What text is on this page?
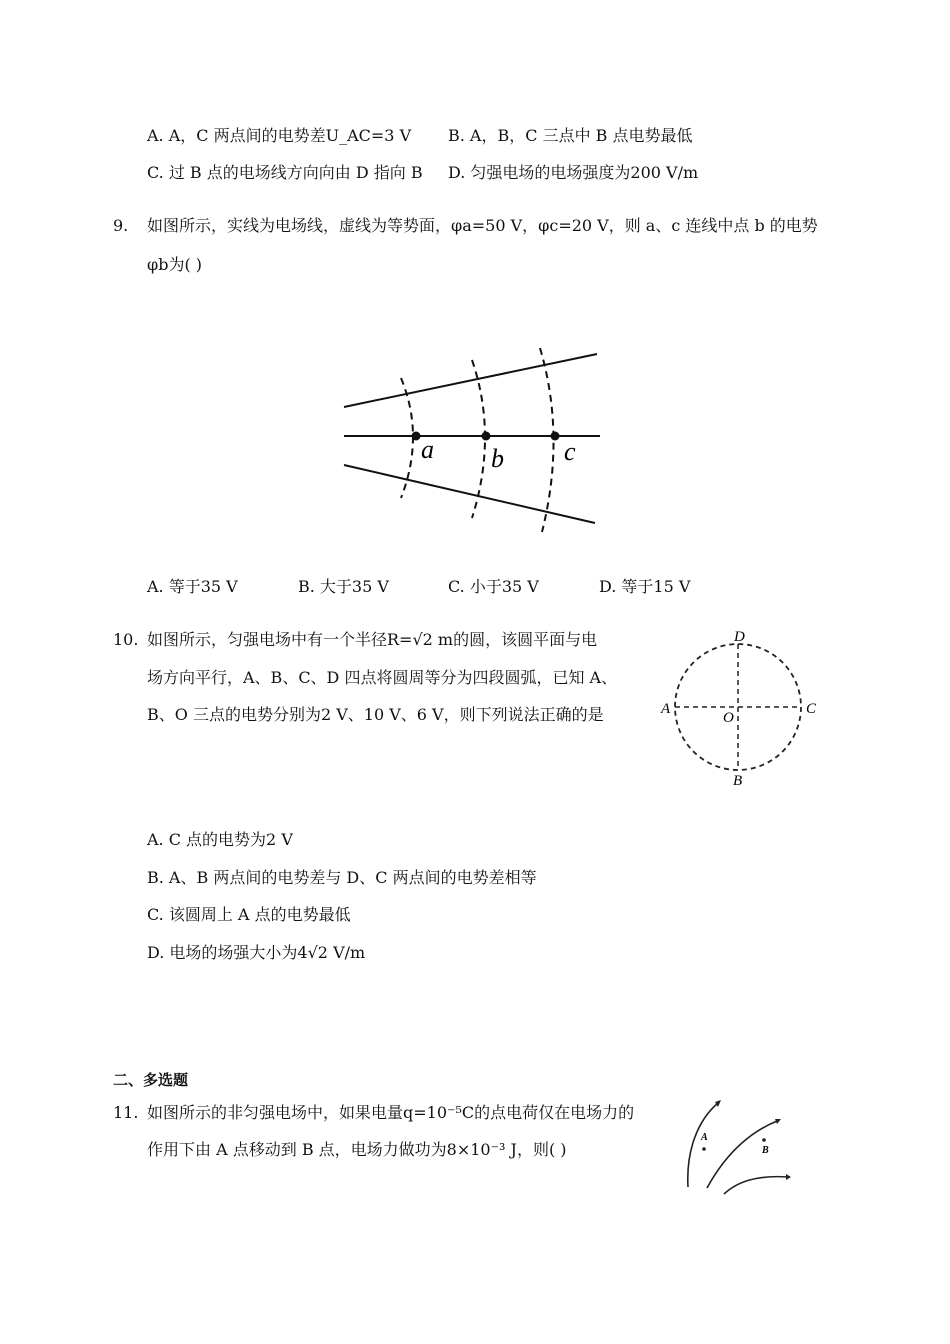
A. A，C 两点间的电势差U_AC=3 V B. A，B，C 三点中 B 点电势最低
C. 过 B 点的电场线方向向由 D 指向 B D. 匀强电场的电场强度为200 V/m
9. 如图所示，实线为电场线，虚线为等势面，φa=50 V，φc=20 V，则 a、c 连线中点 b 的电势
φb为( )
a b c
A. 等于35 V	B. 大于35 V	C. 小于35 V	D. 等于15 V
10. 如图所示，匀强电场中有一个半径R=√2 m的圆，该圆平面与电
场方向平行，A、B、C、D 四点将圆周等分为四段圆弧，已知 A、
B、O 三点的电势分别为2 V、10 V、6 V，则下列说法正确的是
D
A	C
B
O
A. C 点的电势为2 V
B. A、B 两点间的电势差与 D、C 两点间的电势差相等
C. 该圆周上 A 点的电势最低
D. 电场的场强大小为4√2 V/m
二、多选题
11. 如图所示的非匀强电场中，如果电量q=10⁻⁵C的点电荷仅在电场力的
作用下由 A 点移动到 B 点，电场力做功为8×10⁻³ J，则( )
A
B
